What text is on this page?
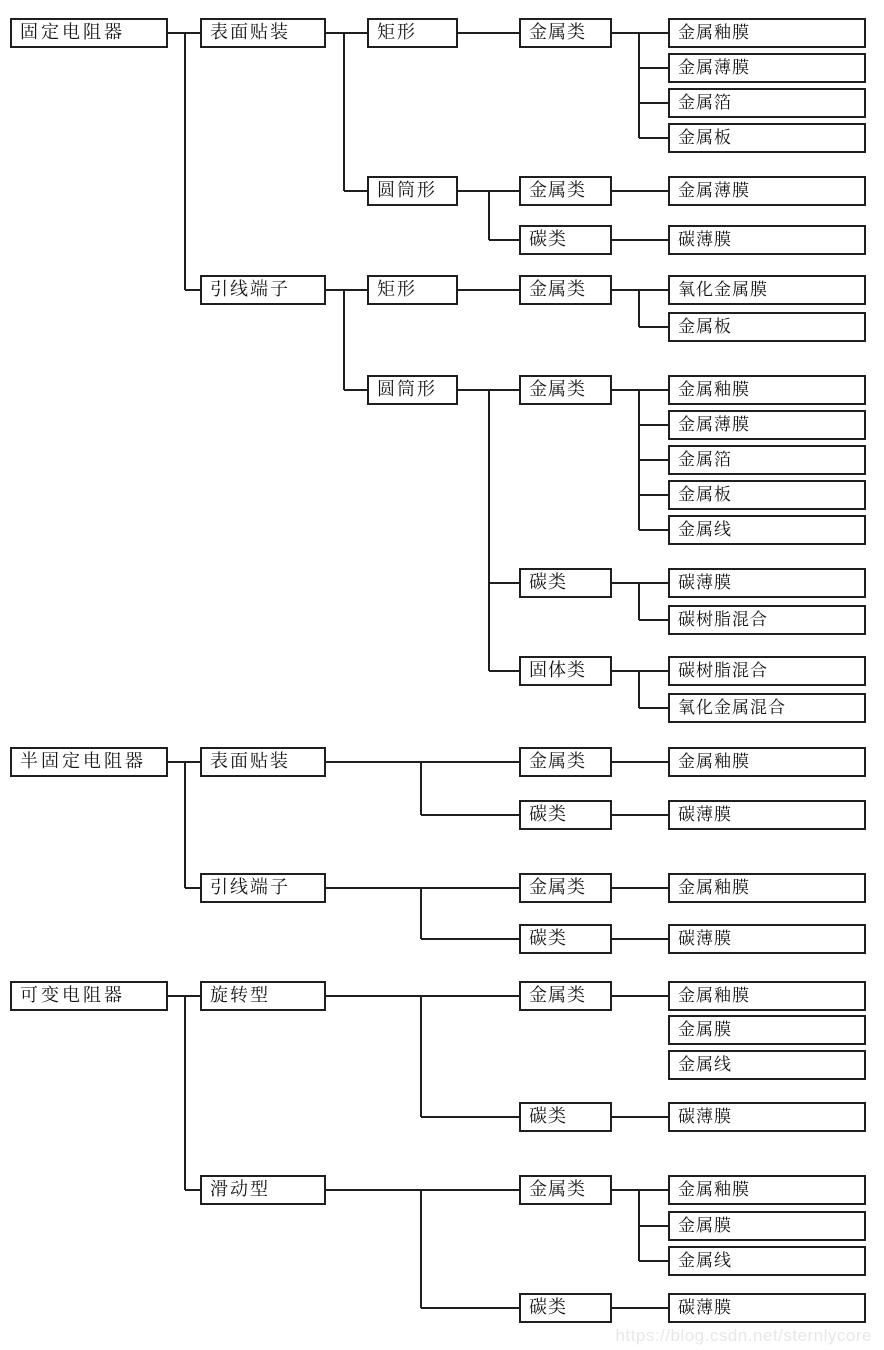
固定电阻器
半固定电阻器
可变电阻器
表面贴装
引线端子
表面贴装
引线端子
旋转型
滑动型
矩形
圆筒形
矩形
圆筒形
金属类
金属类
碳类
金属类
金属类
碳类
固体类
金属类
碳类
金属类
碳类
金属类
碳类
金属类
碳类
金属釉膜
金属薄膜
金属箔
金属板
金属薄膜
碳薄膜
氧化金属膜
金属板
金属釉膜
金属薄膜
金属箔
金属板
金属线
碳薄膜
碳树脂混合
碳树脂混合
氧化金属混合
金属釉膜
碳薄膜
金属釉膜
碳薄膜
金属釉膜
金属膜
金属线
碳薄膜
金属釉膜
金属膜
金属线
碳薄膜
https://blog.csdn.net/sternlycore
